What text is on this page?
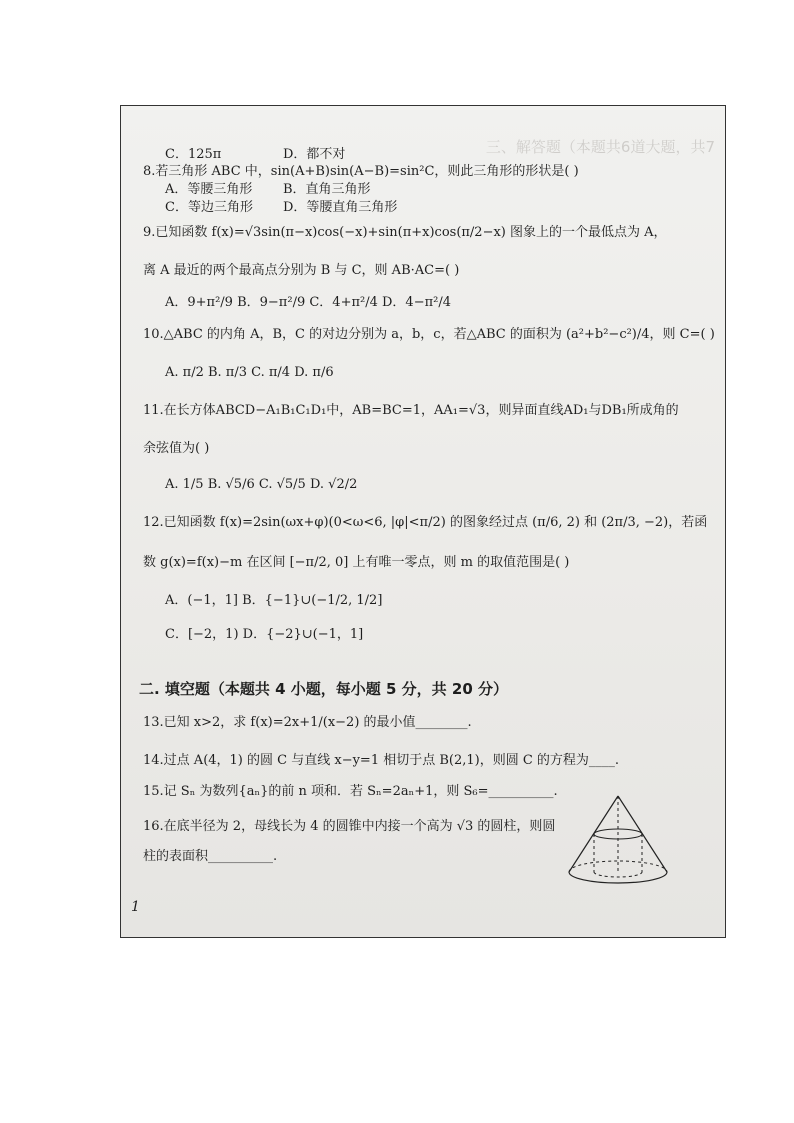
三、解答题（本题共6道大题，共7
C．125π	D．都不对
8.若三角形 ABC 中，sin(A+B)sin(A−B)=sin²C，则此三角形的形状是( )
A．等腰三角形 B．直角三角形
C．等边三角形 D．等腰直角三角形
9.已知函数 f(x)=√3sin(π−x)cos(−x)+sin(π+x)cos(π/2−x) 图象上的一个最低点为 A，
离 A 最近的两个最高点分别为 B 与 C，则 AB·AC=( )
A．9+π²/9 B．9−π²/9 C．4+π²/4 D．4−π²/4
10.△ABC 的内角 A，B，C 的对边分别为 a，b，c，若△ABC 的面积为 (a²+b²−c²)/4，则 C=( )
A. π/2 B. π/3 C. π/4 D. π/6
11.在长方体ABCD−A₁B₁C₁D₁中，AB=BC=1，AA₁=√3，则异面直线AD₁与DB₁所成角的
余弦值为( )
A. 1/5 B. √5/6 C. √5/5 D. √2/2
12.已知函数 f(x)=2sin(ωx+φ)(0<ω<6, |φ|<π/2) 的图象经过点 (π/6, 2) 和 (2π/3, −2)，若函
数 g(x)=f(x)−m 在区间 [−π/2, 0] 上有唯一零点，则 m 的取值范围是( )
A．(−1，1] B．{−1}∪(−1/2, 1/2]
C．[−2，1) D．{−2}∪(−1，1]
二. 填空题（本题共 4 小题，每小题 5 分，共 20 分）
13.已知 x>2，求 f(x)=2x+1/(x−2) 的最小值________.
14.过点 A(4，1) 的圆 C 与直线 x−y=1 相切于点 B(2,1)，则圆 C 的方程为____.
15.记 Sₙ 为数列{aₙ}的前 n 项和．若 Sₙ=2aₙ+1，则 S₆=__________.
16.在底半径为 2，母线长为 4 的圆锥中内接一个高为 √3 的圆柱，则圆
柱的表面积__________.
1
